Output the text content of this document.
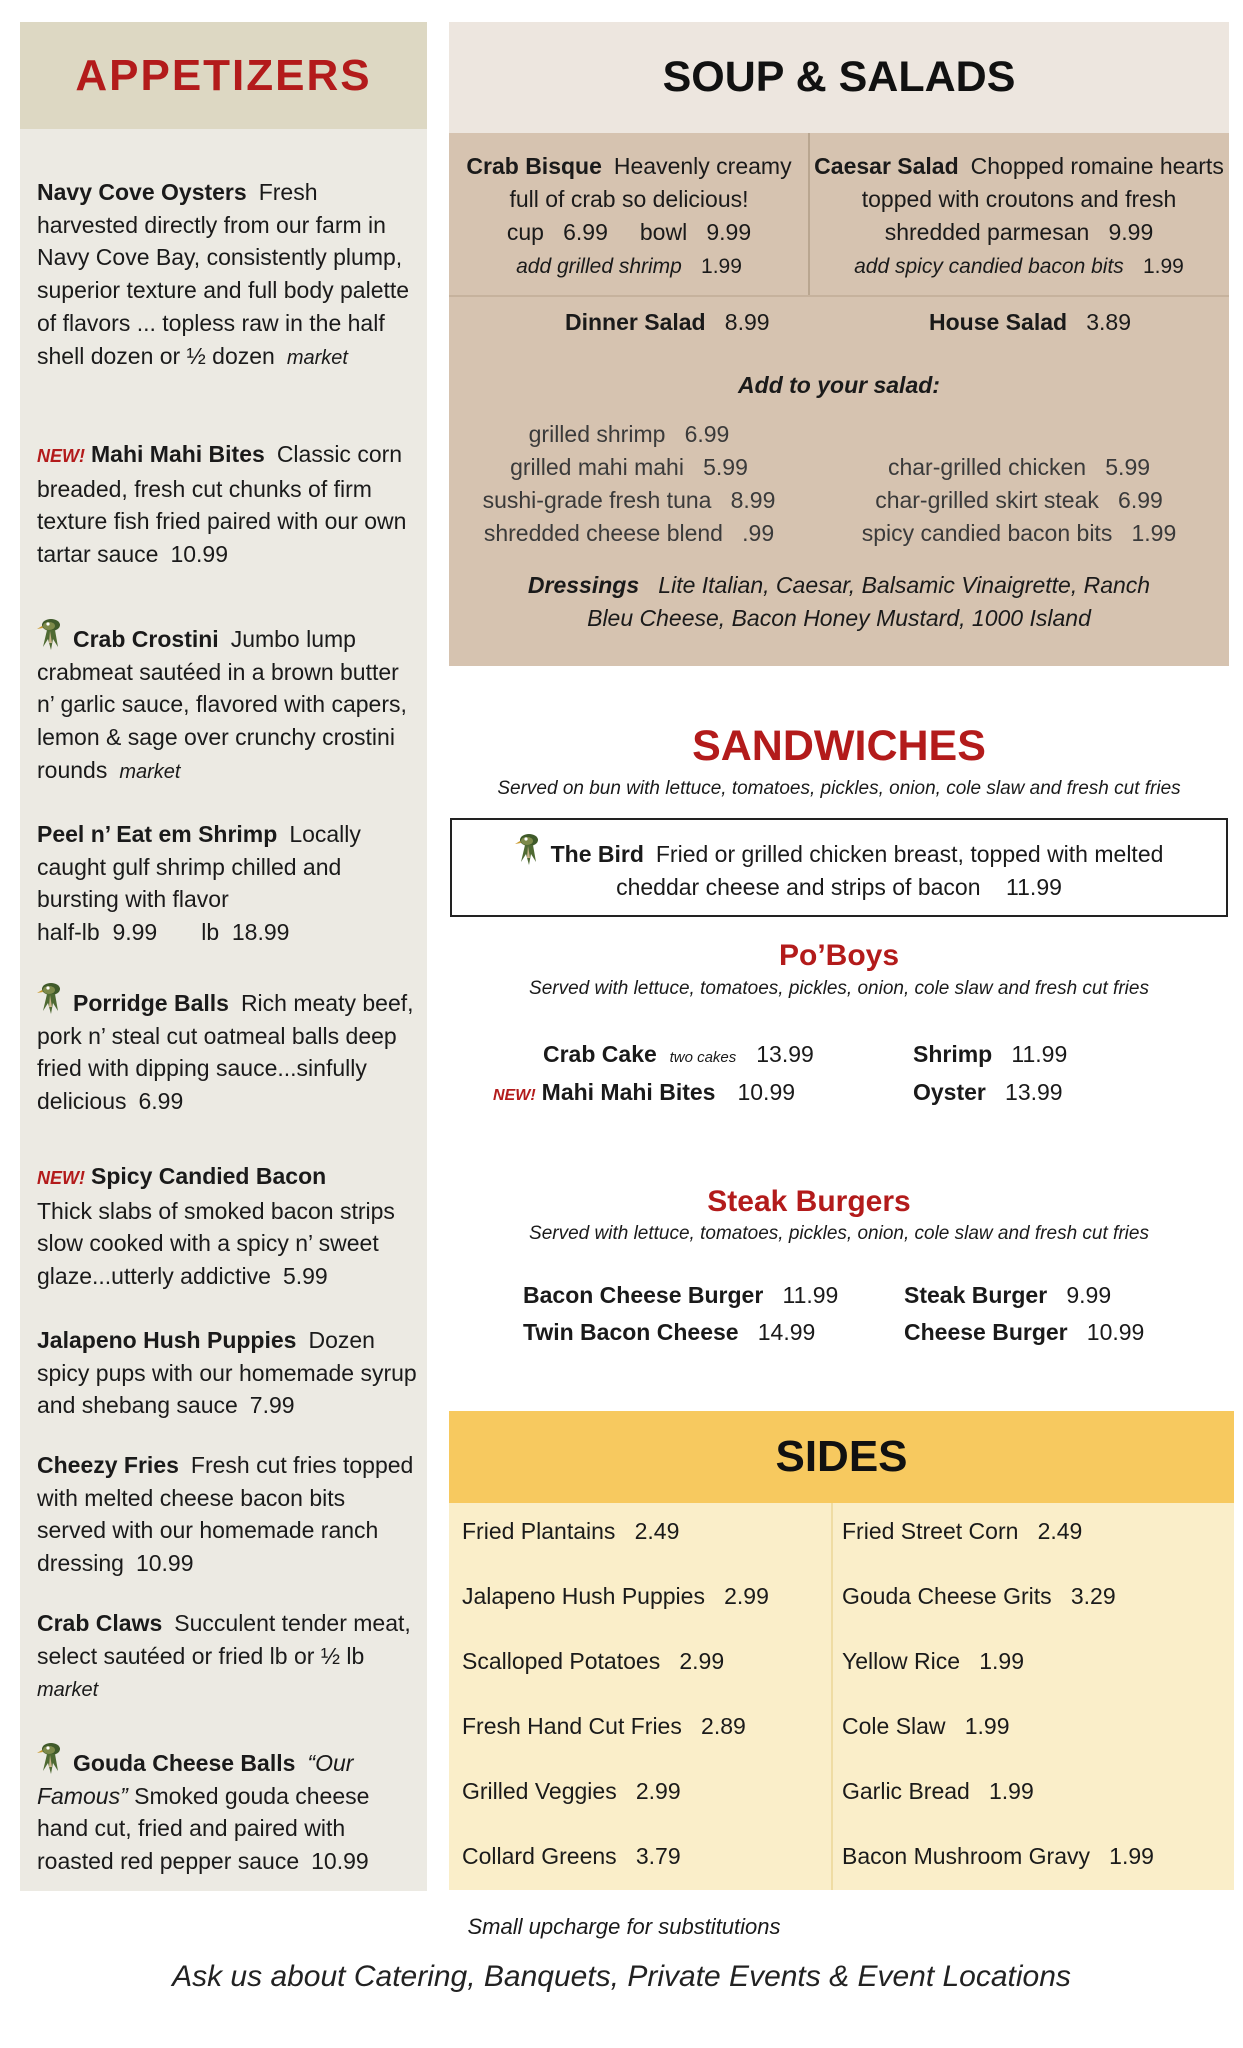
APPETIZERS
Navy Cove Oysters Fresh harvested directly from our farm in Navy Cove Bay, consistently plump, superior texture and full body palette of flavors ... topless raw in the half shell dozen or ½ dozen market
NEW! Mahi Mahi Bites Classic corn breaded, fresh cut chunks of firm texture fish fried paired with our own tartar sauce 10.99
Crab Crostini Jumbo lump crabmeat sautéed in a brown butter n’ garlic sauce, flavored with capers, lemon & sage over crunchy crostini rounds market
Peel n’ Eat em Shrimp Locally caught gulf shrimp chilled and bursting with flavor
half-lb 9.99 lb 18.99
Porridge Balls Rich meaty beef, pork n’ steal cut oatmeal balls deep fried with dipping sauce...sinfully delicious 6.99
NEW! Spicy Candied Bacon
Thick slabs of smoked bacon strips slow cooked with a spicy n’ sweet glaze...utterly addictive 5.99
Jalapeno Hush Puppies Dozen spicy pups with our homemade syrup and shebang sauce 7.99
Cheezy Fries Fresh cut fries topped with melted cheese bacon bits served with our homemade ranch dressing 10.99
Crab Claws Succulent tender meat, select sautéed or fried lb or ½ lbmarket
Gouda Cheese Balls “Our Famous” Smoked gouda cheese hand cut, fried and paired with roasted red pepper sauce 10.99
SOUP & SALADS
Crab Bisque Heavenly creamy full of crab so delicious!
cup 6.99 bowl 9.99
add grilled shrimp 1.99
Caesar Salad Chopped romaine hearts topped with croutons and fresh shredded parmesan 9.99
add spicy candied bacon bits 1.99
Dinner Salad 8.99	House Salad 3.89
Add to your salad:
grilled shrimp 6.99
grilled mahi mahi 5.99
sushi-grade fresh tuna 8.99
shredded cheese blend .99
char-grilled chicken 5.99
char-grilled skirt steak 6.99
spicy candied bacon bits 1.99
Dressings Lite Italian, Caesar, Balsamic Vinaigrette, Ranch
Bleu Cheese, Bacon Honey Mustard, 1000 Island
SANDWICHES
Served on bun with lettuce, tomatoes, pickles, onion, cole slaw and fresh cut fries
The Bird Fried or grilled chicken breast, topped with melted
cheddar cheese and strips of bacon 11.99
Po’Boys
Served with lettuce, tomatoes, pickles, onion, cole slaw and fresh cut fries
Crab Cake two cakes 13.99
NEW! Mahi Mahi Bites 10.99
Shrimp 11.99
Oyster 13.99
Steak Burgers
Served with lettuce, tomatoes, pickles, onion, cole slaw and fresh cut fries
Bacon Cheese Burger 11.99
Twin Bacon Cheese 14.99
Steak Burger 9.99
Cheese Burger 10.99
SIDES
Fried Plantains 2.49
Jalapeno Hush Puppies 2.99
Scalloped Potatoes 2.99
Fresh Hand Cut Fries 2.89
Grilled Veggies 2.99
Collard Greens 3.79
Fried Street Corn 2.49
Gouda Cheese Grits 3.29
Yellow Rice 1.99
Cole Slaw 1.99
Garlic Bread 1.99
Bacon Mushroom Gravy 1.99
Small upcharge for substitutions
Ask us about Catering, Banquets, Private Events & Event Locations
